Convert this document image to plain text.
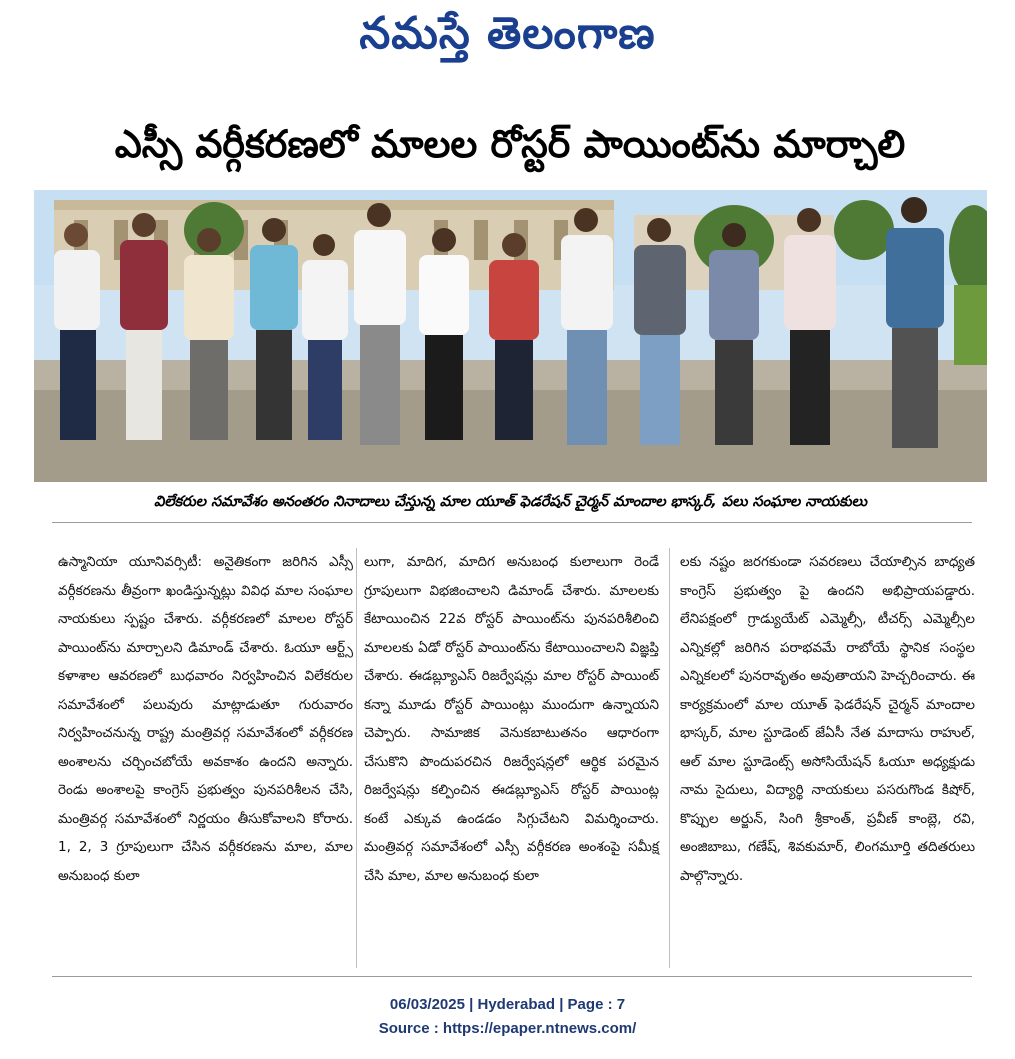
నమస్తే తెలంగాణ
ఎస్సీ వర్గీకరణలో మాలల రోస్టర్ పాయింట్‌ను మార్చాలి
విలేకరుల సమావేశం అనంతరం నినాదాలు చేస్తున్న మాల యూత్ ఫెడరేషన్ చైర్మన్ మాందాల భాస్కర్, పలు సంఘాల నాయకులు

ఉస్మానియా యూనివర్సిటీ: అనైతికంగా జరిగిన ఎస్సీ వర్గీకరణను తీవ్రంగా ఖండిస్తున్నట్లు వివిధ మాల సంఘాల నాయకులు స్పష్టం చేశారు. వర్గీకరణలో మాలల రోస్టర్ పాయింట్‌ను మార్చాలని డిమాండ్ చేశారు. ఓయూ ఆర్ట్స్ కళాశాల ఆవరణలో బుధవారం నిర్వహించిన విలేకరుల సమావేశంలో పలువురు మాట్లాడుతూ గురువారం నిర్వహించనున్న రాష్ట్ర మంత్రివర్గ సమావేశంలో వర్గీకరణ అంశాలను చర్చించబోయే అవకాశం ఉందని అన్నారు. రెండు అంశాలపై కాంగ్రెస్ ప్రభుత్వం పునపరిశీలన చేసి, మంత్రివర్గ సమావేశంలో నిర్ణయం తీసుకోవాలని కోరారు. 1, 2, 3 గ్రూపులుగా చేసిన వర్గీకరణను మాల, మాల అనుబంధ కులా

లుగా, మాదిగ, మాదిగ అనుబంధ కులాలుగా రెండే గ్రూపులుగా విభజించాలని డిమాండ్ చేశారు. మాలలకు కేటాయించిన 22వ రోస్టర్ పాయింట్‌ను పునపరిశీలించి మాలలకు ఏడో రోస్టర్ పాయింట్‌ను కేటాయించాలని విజ్ఞప్తి చేశారు. ఈడబ్ల్యూఎస్ రిజర్వేషన్లు మాల రోస్టర్ పాయింట్ కన్నా మూడు రోస్టర్ పాయింట్లు ముందుగా ఉన్నాయని చెప్పారు. సామాజిక వెనుకబాటుతనం ఆధారంగా చేసుకొని పొందుపరచిన రిజర్వేషన్లలో ఆర్థిక పరమైన రిజర్వేషన్లు కల్పించిన ఈడబ్ల్యూఎస్ రోస్టర్ పాయింట్ల కంటే ఎక్కువ ఉండడం సిగ్గుచేటని విమర్శించారు. మంత్రివర్గ సమావేశంలో ఎస్సీ వర్గీకరణ అంశంపై సమీక్ష చేసి మాల, మాల అనుబంధ కులా

లకు నష్టం జరగకుండా సవరణలు చేయాల్సిన బాధ్యత కాంగ్రెస్ ప్రభుత్వం పై ఉందని అభిప్రాయపడ్డారు. లేనిపక్షంలో గ్రాడ్యుయేట్ ఎమ్మెల్సీ, టీచర్స్ ఎమ్మెల్సీల ఎన్నికల్లో జరిగిన పరాభవమే రాబోయే స్థానిక సంస్థల ఎన్నికలలో పునరావృతం అవుతాయని హెచ్చరించారు. ఈ కార్యక్రమంలో మాల యూత్ ఫెడరేషన్ చైర్మన్ మాందాల భాస్కర్, మాల స్టూడెంట్ జేఏసీ నేత మాదాసు రాహుల్, ఆల్ మాల స్టూడెంట్స్ అసోసియేషన్ ఓయూ అధ్యక్షుడు నామ సైదులు, విద్యార్థి నాయకులు పసరుగొండ కిషోర్, కొప్పుల అర్జున్, సింగి శ్రీకాంత్, ప్రవీణ్ కాంబ్లె, రవి, అంజిబాబు, గణేష్, శివకుమార్, లింగమూర్తి తదితరులు పాల్గొన్నారు.

06/03/2025 | Hyderabad | Page : 7
Source : https://epaper.ntnews.com/
